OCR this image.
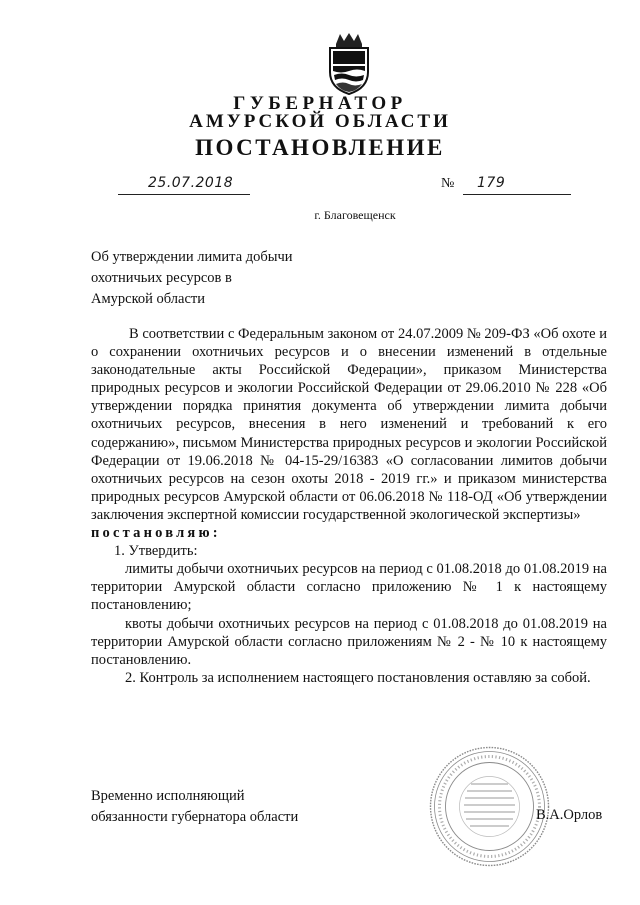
ГУБЕРНАТОР
АМУРСКОЙ ОБЛАСТИ
ПОСТАНОВЛЕНИЕ
25.07.2018	№ 179
г. Благовещенск
Об утверждении лимита добычи
охотничьих ресурсов в
Амурской области

В соответствии с Федеральным законом от 24.07.2009 № 209-ФЗ «Об охоте и о сохранении охотничьих ресурсов и о внесении изменений в отдельные законодательные акты Российской Федерации», приказом Министерства природных ресурсов и экологии Российской Федерации от 29.06.2010 № 228 «Об утверждении порядка принятия документа об утверждении лимита добычи охотничьих ресурсов, внесения в него изменений и требований к его содержанию», письмом Министерства природных ресурсов и экологии Российской Федерации от 19.06.2018 № 04-15-29/16383 «О согласовании лимитов добычи охотничьих ресурсов на сезон охоты 2018 - 2019 гг.» и приказом министерства природных ресурсов Амурской области от 06.06.2018 № 118-ОД «Об утверждении заключения экспертной комиссии государственной экологической экспертизы»

постановляю:

1. Утвердить:

лимиты добычи охотничьих ресурсов на период с 01.08.2018 до 01.08.2019 на территории Амурской области согласно приложению № 1 к настоящему постановлению;

квоты добычи охотничьих ресурсов на период с 01.08.2018 до 01.08.2019 на территории Амурской области согласно приложениям № 2 - № 10 к настоящему постановлению.

2. Контроль за исполнением настоящего постановления оставляю за собой.

Временно исполняющий
обязанности губернатора области	В.А.Орлов
